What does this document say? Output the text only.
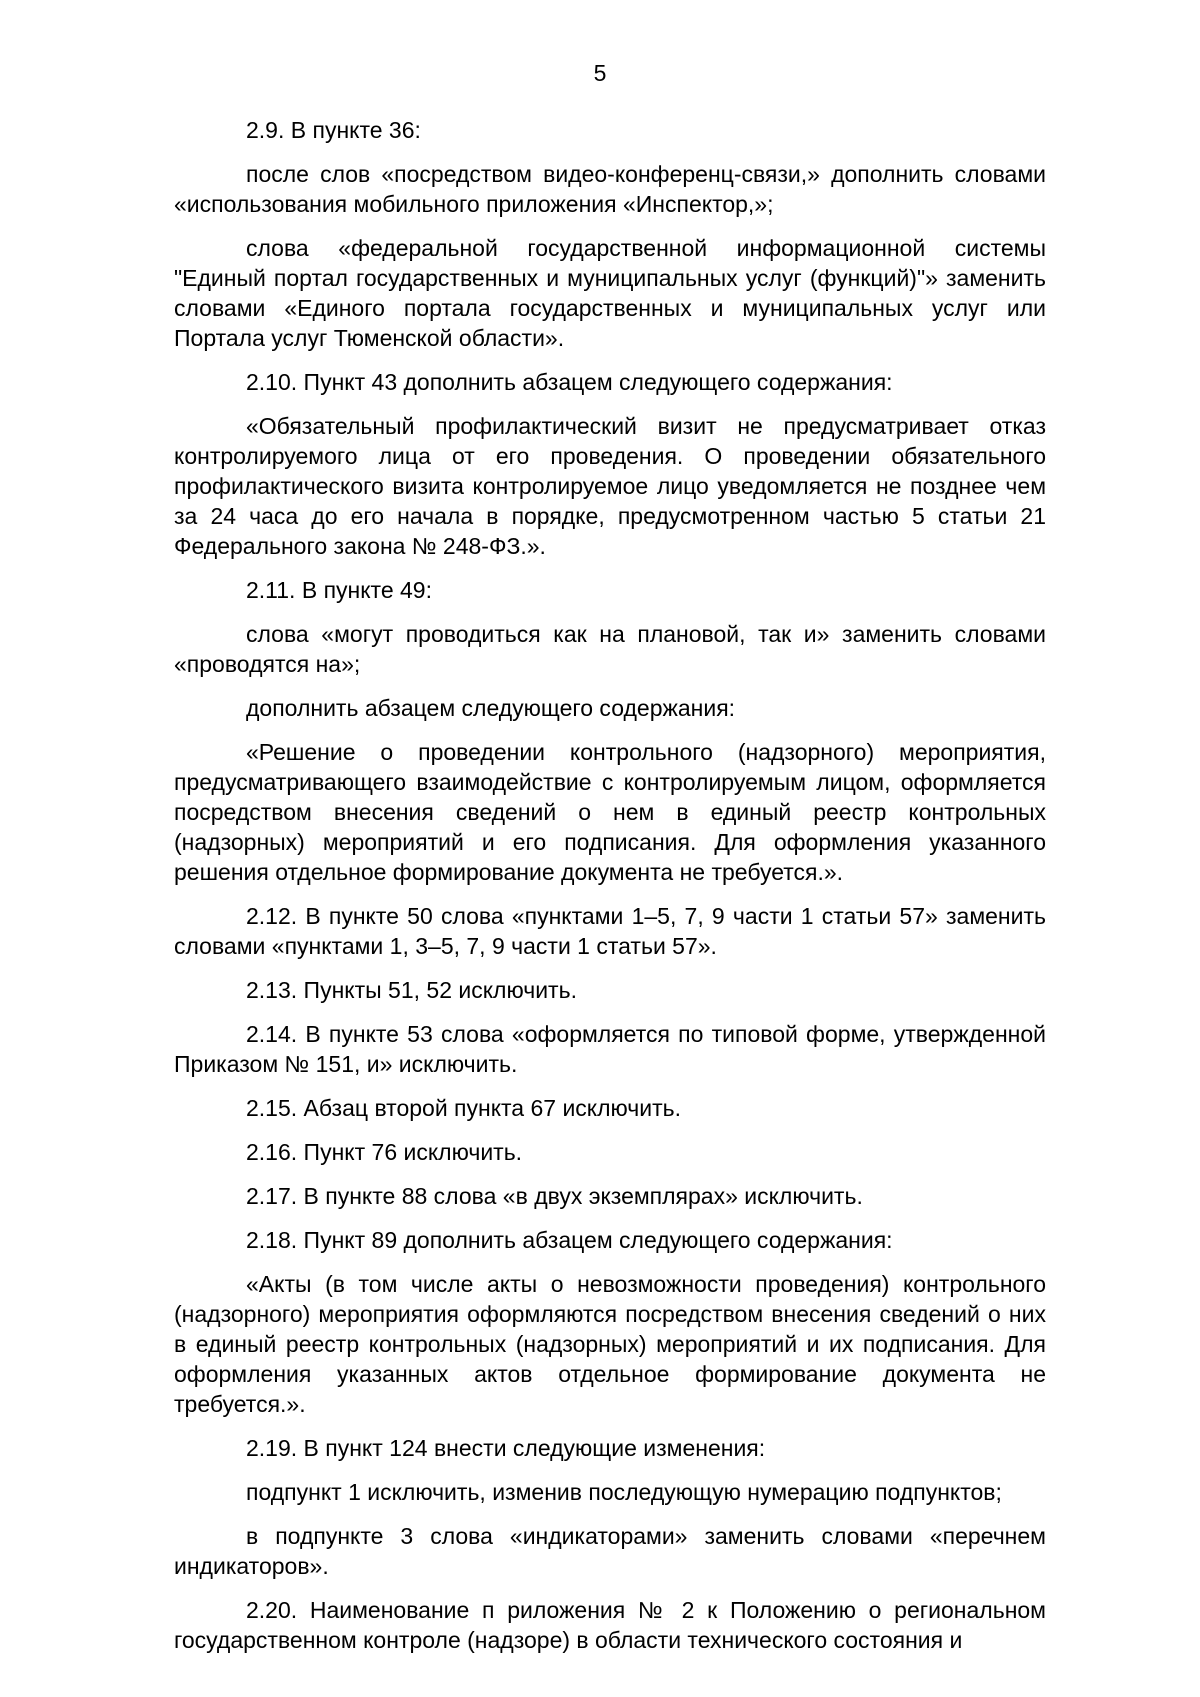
5

2.9. В пункте 36:

после слов «посредством видео-конференц-связи,» дополнить словами «использования мобильного приложения «Инспектор,»;

слова «федеральной государственной информационной системы "Единый портал государственных и муниципальных услуг (функций)"» заменить словами «Единого портала государственных и муниципальных услуг или Портала услуг Тюменской области».

2.10. Пункт 43 дополнить абзацем следующего содержания:

«Обязательный профилактический визит не предусматривает отказ контролируемого лица от его проведения. О проведении обязательного профилактического визита контролируемое лицо уведомляется не позднее чем за 24 часа до его начала в порядке, предусмотренном частью 5 статьи 21 Федерального закона № 248-ФЗ.».

2.11. В пункте 49:

слова «могут проводиться как на плановой, так и» заменить словами «проводятся на»;

дополнить абзацем следующего содержания:

«Решение о проведении контрольного (надзорного) мероприятия, предусматривающего взаимодействие с контролируемым лицом, оформляется посредством внесения сведений о нем в единый реестр контрольных (надзорных) мероприятий и его подписания. Для оформления указанного решения отдельное формирование документа не требуется.».

2.12. В пункте 50 слова «пунктами 1–5, 7, 9 части 1 статьи 57» заменить словами «пунктами 1, 3–5, 7, 9 части 1 статьи 57».

2.13. Пункты 51, 52 исключить.

2.14. В пункте 53 слова «оформляется по типовой форме, утвержденной Приказом № 151, и» исключить.

2.15. Абзац второй пункта 67 исключить.

2.16. Пункт 76 исключить.

2.17. В пункте 88 слова «в двух экземплярах» исключить.

2.18. Пункт 89 дополнить абзацем следующего содержания:

«Акты (в том числе акты о невозможности проведения) контрольного (надзорного) мероприятия оформляются посредством внесения сведений о них в единый реестр контрольных (надзорных) мероприятий и их подписания. Для оформления указанных актов отдельное формирование документа не требуется.».

2.19. В пункт 124 внести следующие изменения:

подпункт 1 исключить, изменив последующую нумерацию подпунктов;

в подпункте 3 слова «индикаторами» заменить словами «перечнем индикаторов».

2.20. Наименование п риложения № 2 к Положению о региональном государственном контроле (надзоре) в области технического состояния и
